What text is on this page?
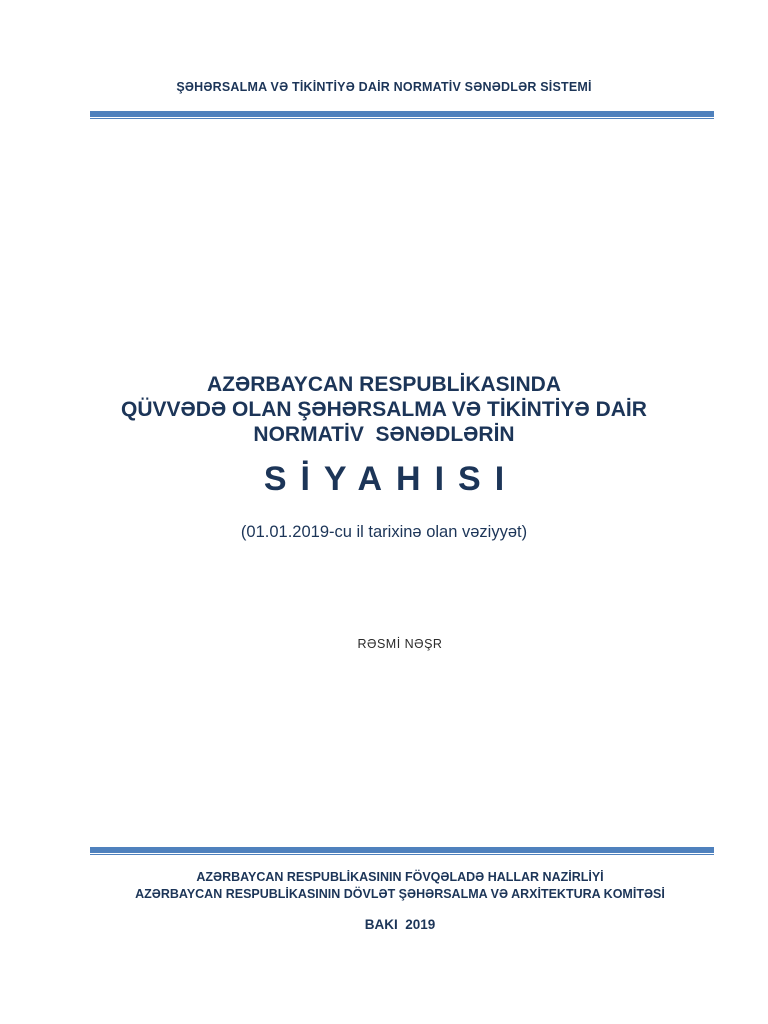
ŞƏHƏRSALMA VƏ TİKİNTİYƏ DAİR NORMATİV SƏNƏDLƏR SİSTEMİ
AZƏRBAYCAN RESPUBLİKASINDA
QÜVVƏDƏ OLAN ŞƏHƏRSALMA VƏ TİKİNTİYƏ DAİR
NORMATİV  SƏNƏDLƏRİN
SİYAHISI
(01.01.2019-cu il tarixinə olan vəziyyət)
RƏSMİ NƏŞR
AZƏRBAYCAN RESPUBLİKASININ FÖVQƏLADƏ HALLAR NAZİRLİYİ
AZƏRBAYCAN RESPUBLİKASININ DÖVLƏT ŞƏHƏRSALMA VƏ ARXİTEKTURA KOMİTƏSİ
BAKI  2019
